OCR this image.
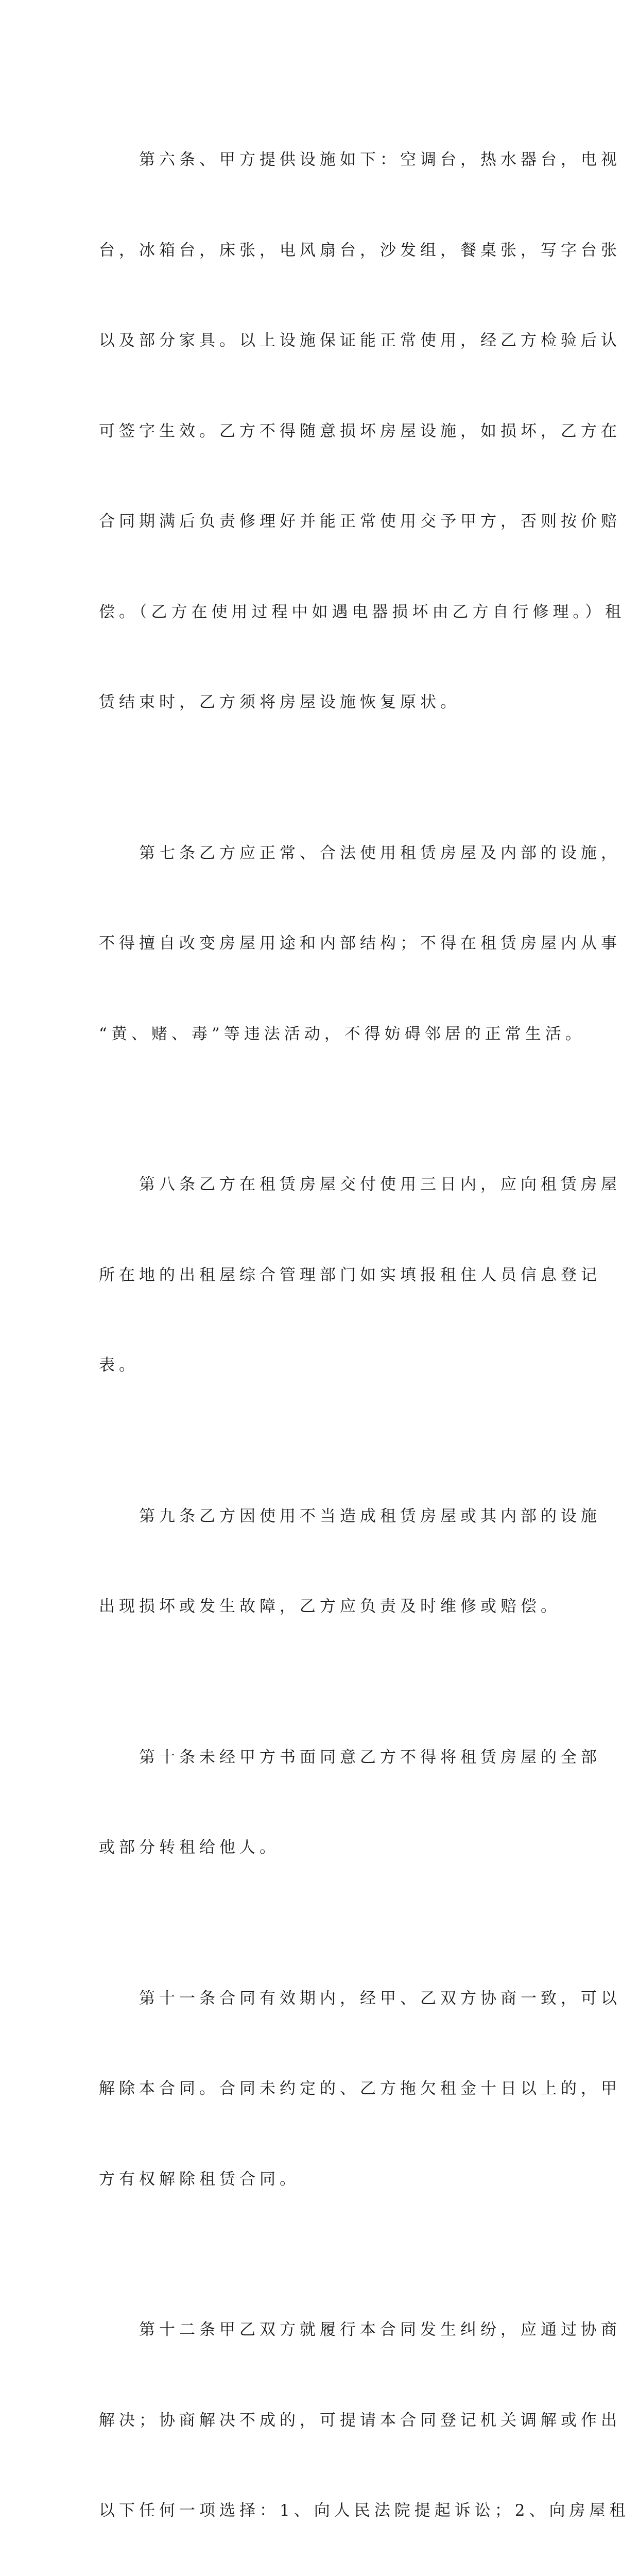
　　第六条、甲方提供设施如下：空调台，热水器台，电视

台，冰箱台，床张，电风扇台，沙发组，餐桌张，写字台张

以及部分家具。以上设施保证能正常使用，经乙方检验后认

可签字生效。乙方不得随意损坏房屋设施，如损坏，乙方在

合同期满后负责修理好并能正常使用交予甲方，否则按价赔

偿。（乙方在使用过程中如遇电器损坏由乙方自行修理。）租

赁结束时，乙方须将房屋设施恢复原状。

　　第七条乙方应正常、合法使用租赁房屋及内部的设施，

不得擅自改变房屋用途和内部结构；不得在租赁房屋内从事

“黄、赌、毒”等违法活动，不得妨碍邻居的正常生活。

　　第八条乙方在租赁房屋交付使用三日内，应向租赁房屋

所在地的出租屋综合管理部门如实填报租住人员信息登记

表。

　　第九条乙方因使用不当造成租赁房屋或其内部的设施

出现损坏或发生故障，乙方应负责及时维修或赔偿。

　　第十条未经甲方书面同意乙方不得将租赁房屋的全部

或部分转租给他人。

　　第十一条合同有效期内，经甲、乙双方协商一致，可以

解除本合同。合同未约定的、乙方拖欠租金十日以上的，甲

方有权解除租赁合同。

　　第十二条甲乙双方就履行本合同发生纠纷，应通过协商

解决；协商解决不成的，可提请本合同登记机关调解或作出

以下任何一项选择：1、向人民法院提起诉讼；2、向房屋租
